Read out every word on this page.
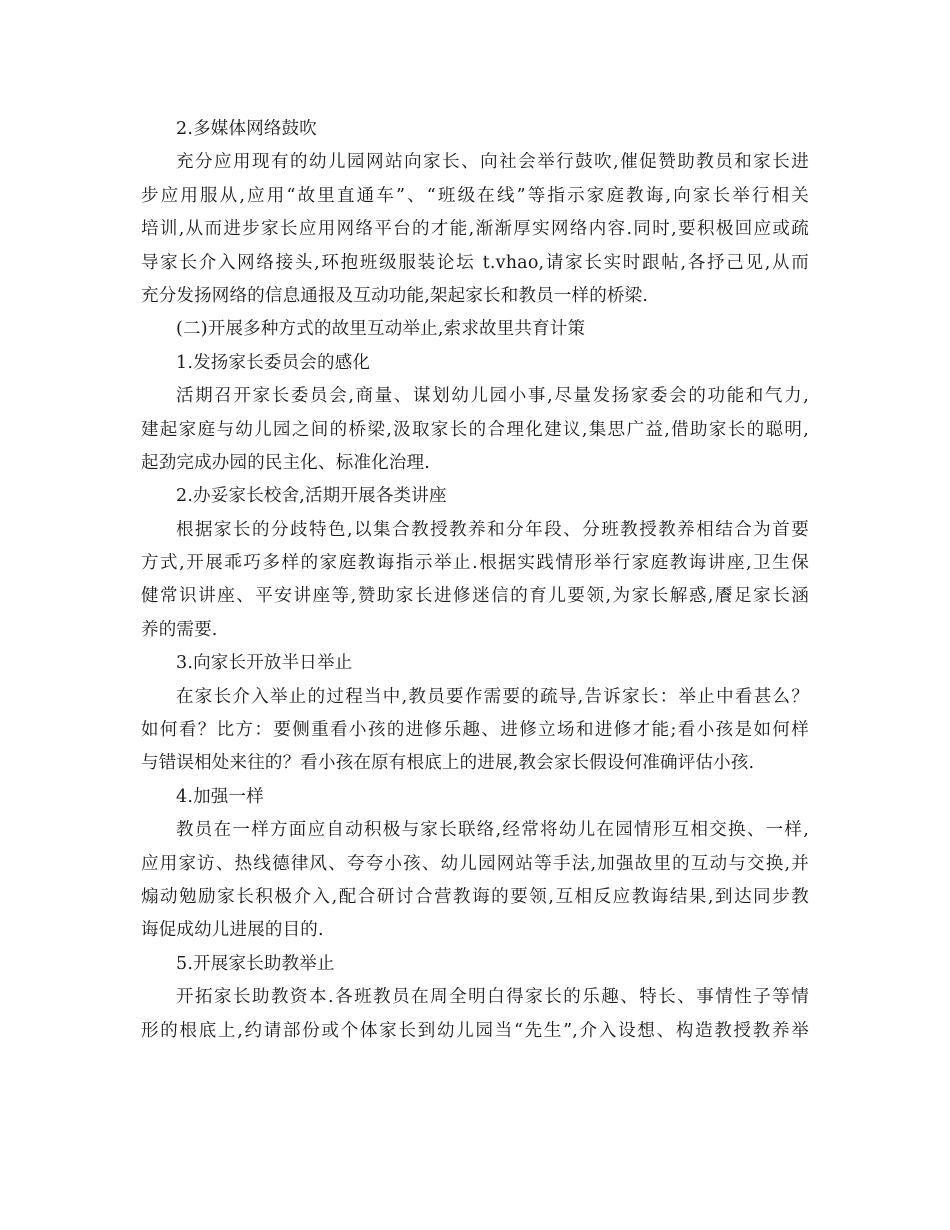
2.多媒体网络鼓吹
充分应用现有的幼儿园网站向家长、向社会举行鼓吹,催促赞助教员和家长进
步应用服从,应用“故里直通车”、“班级在线”等指示家庭教诲,向家长举行相关
培训,从而进步家长应用网络平台的才能,渐渐厚实网络内容.同时,要积极回应或疏
导家长介入网络接头,环抱班级服装论坛 t.vhao,请家长实时跟帖,各抒己见,从而
充分发扬网络的信息通报及互动功能,架起家长和教员一样的桥梁.
(二)开展多种方式的故里互动举止,索求故里共育计策
1.发扬家长委员会的感化
活期召开家长委员会,商量、谋划幼儿园小事,尽量发扬家委会的功能和气力,
建起家庭与幼儿园之间的桥梁,汲取家长的合理化建议,集思广益,借助家长的聪明,
起劲完成办园的民主化、标准化治理.
2.办妥家长校舍,活期开展各类讲座
根据家长的分歧特色,以集合教授教养和分年段、分班教授教养相结合为首要
方式,开展乖巧多样的家庭教诲指示举止.根据实践情形举行家庭教诲讲座,卫生保
健常识讲座、平安讲座等,赞助家长进修迷信的育儿要领,为家长解惑,餍足家长涵
养的需要.
3.向家长开放半日举止
在家长介入举止的过程当中,教员要作需要的疏导,告诉家长：举止中看甚么？
如何看？比方：要侧重看小孩的进修乐趣、进修立场和进修才能;看小孩是如何样
与错误相处来往的？看小孩在原有根底上的进展,教会家长假设何准确评估小孩.
4.加强一样
教员在一样方面应自动积极与家长联络,经常将幼儿在园情形互相交换、一样,
应用家访、热线德律风、夸夸小孩、幼儿园网站等手法,加强故里的互动与交换,并
煽动勉励家长积极介入,配合研讨合营教诲的要领,互相反应教诲结果,到达同步教
诲促成幼儿进展的目的.
5.开展家长助教举止
开拓家长助教资本.各班教员在周全明白得家长的乐趣、特长、事情性子等情
形的根底上,约请部份或个体家长到幼儿园当“先生”,介入设想、构造教授教养举
